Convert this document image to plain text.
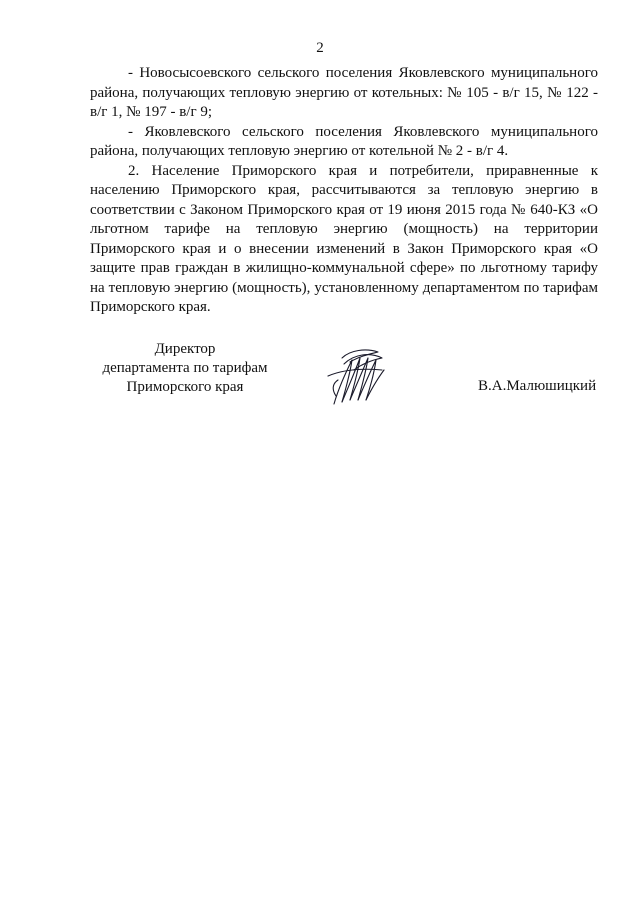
2

- Новосысоевского сельского поселения Яковлевского муниципального района, получающих тепловую энергию от котельных: № 105 - в/г 15, № 122 - в/г 1, № 197 - в/г 9;

- Яковлевского сельского поселения Яковлевского муниципального района, получающих тепловую энергию от котельной № 2 - в/г 4.

2. Население Приморского края и потребители, приравненные к населению Приморского края, рассчитываются за тепловую энергию в соответствии с Законом Приморского края от 19 июня 2015 года № 640-КЗ «О льготном тарифе на тепловую энергию (мощность) на территории Приморского края и о внесении изменений в Закон Приморского края «О защите прав граждан в жилищно-коммунальной сфере» по льготному тарифу на тепловую энергию (мощность), установленному департаментом по тарифам Приморского края.

Директор
департамента по тарифам
Приморского края	В.А.Малюшицкий
